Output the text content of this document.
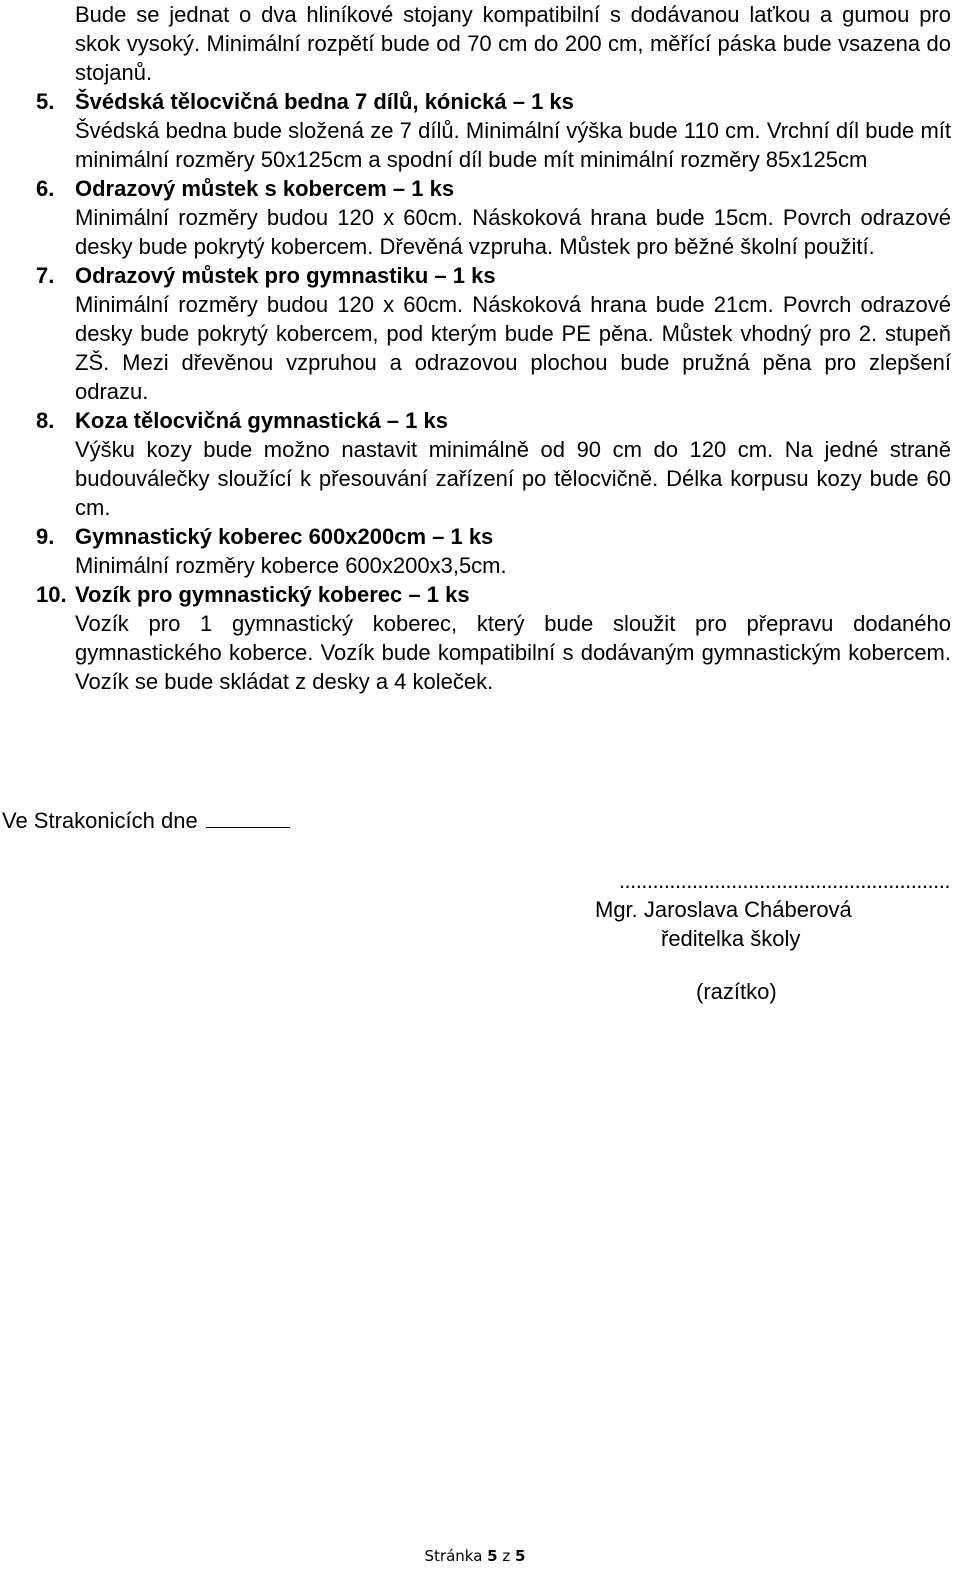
Bude se jednat o dva hliníkové stojany kompatibilní s dodávanou laťkou a gumou pro skok vysoký. Minimální rozpětí bude od 70 cm do 200 cm, měřící páska bude vsazena do stojanů.

5. Švédská tělocvičná bedna 7 dílů, kónická – 1 ks

Švédská bedna bude složená ze 7 dílů. Minimální výška bude 110 cm. Vrchní díl bude mít minimální rozměry 50x125cm a spodní díl bude mít minimální rozměry 85x125cm

6. Odrazový můstek s kobercem – 1 ks

Minimální rozměry budou 120 x 60cm. Náskoková hrana bude 15cm. Povrch odrazové desky bude pokrytý kobercem. Dřevěná vzpruha. Můstek pro běžné školní použití.

7. Odrazový můstek pro gymnastiku – 1 ks

Minimální rozměry budou 120 x 60cm. Náskoková hrana bude 21cm. Povrch odrazové desky bude pokrytý kobercem, pod kterým bude PE pěna. Můstek vhodný pro 2. stupeň ZŠ. Mezi dřevěnou vzpruhou a odrazovou plochou bude pružná pěna pro zlepšení odrazu.

8. Koza tělocvičná gymnastická – 1 ks

Výšku kozy bude možno nastavit minimálně od 90 cm do 120 cm. Na jedné straně budouválečky sloužící k přesouvání zařízení po tělocvičně. Délka korpusu kozy bude 60 cm.

9. Gymnastický koberec 600x200cm – 1 ks

Minimální rozměry koberce 600x200x3,5cm.

10. Vozík pro gymnastický koberec – 1 ks

Vozík pro 1 gymnastický koberec, který bude sloužit pro přepravu dodaného gymnastického koberce. Vozík bude kompatibilní s dodávaným gymnastickým kobercem. Vozík se bude skládat z desky a 4 koleček.

Ve Strakonicích dne

...........................................................

Mgr. Jaroslava Cháberová

ředitelka školy

(razítko)
Stránka 5 z 5
